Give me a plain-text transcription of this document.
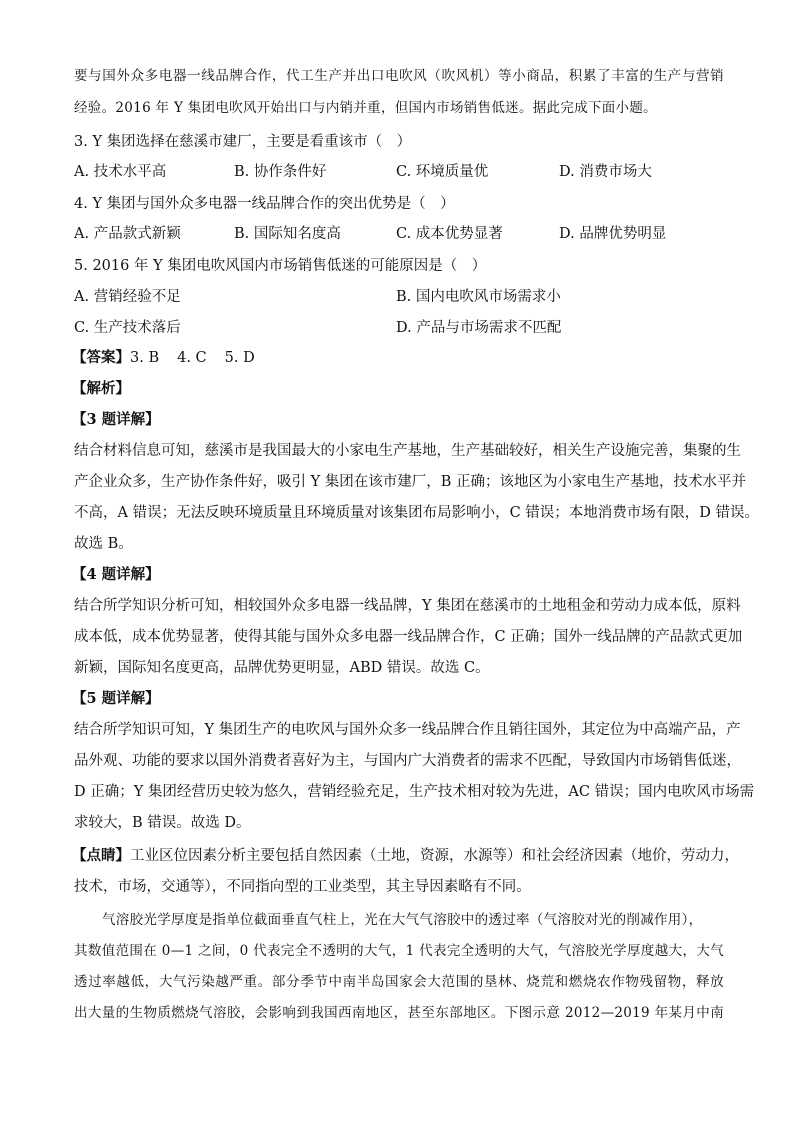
要与国外众多电器一线品牌合作，代工生产并出口电吹风（吹风机）等小商品，积累了丰富的生产与营销
经验。2016 年 Y 集团电吹风开始出口与内销并重，但国内市场销售低迷。据此完成下面小题。
3. Y 集团选择在慈溪市建厂，主要是看重该市（　）
A. 技术水平高	B. 协作条件好	C. 环境质量优	D. 消费市场大
4. Y 集团与国外众多电器一线品牌合作的突出优势是（　）
A. 产品款式新颖	B. 国际知名度高	C. 成本优势显著	D. 品牌优势明显
5. 2016 年 Y 集团电吹风国内市场销售低迷的可能原因是（　）
A. 营销经验不足	B. 国内电吹风市场需求小
C. 生产技术落后	D. 产品与市场需求不匹配
【答案】3. B 4. C 5. D
【解析】
【3 题详解】
结合材料信息可知，慈溪市是我国最大的小家电生产基地，生产基础较好，相关生产设施完善，集聚的生
产企业众多，生产协作条件好，吸引 Y 集团在该市建厂，B 正确；该地区为小家电生产基地，技术水平并
不高，A 错误；无法反映环境质量且环境质量对该集团布局影响小，C 错误；本地消费市场有限，D 错误。
故选 B。
【4 题详解】
结合所学知识分析可知，相较国外众多电器一线品牌，Y 集团在慈溪市的土地租金和劳动力成本低，原料
成本低，成本优势显著，使得其能与国外众多电器一线品牌合作，C 正确；国外一线品牌的产品款式更加
新颖，国际知名度更高，品牌优势更明显，ABD 错误。故选 C。
【5 题详解】
结合所学知识可知，Y 集团生产的电吹风与国外众多一线品牌合作且销往国外，其定位为中高端产品，产
品外观、功能的要求以国外消费者喜好为主，与国内广大消费者的需求不匹配，导致国内市场销售低迷，
D 正确；Y 集团经营历史较为悠久，营销经验充足，生产技术相对较为先进，AC 错误；国内电吹风市场需
求较大，B 错误。故选 D。
【点睛】工业区位因素分析主要包括自然因素（土地，资源，水源等）和社会经济因素（地价，劳动力，
技术，市场，交通等），不同指向型的工业类型，其主导因素略有不同。
气溶胶光学厚度是指单位截面垂直气柱上，光在大气气溶胶中的透过率（气溶胶对光的削减作用），
其数值范围在 0—1 之间，0 代表完全不透明的大气，1 代表完全透明的大气，气溶胶光学厚度越大，大气
透过率越低，大气污染越严重。部分季节中南半岛国家会大范围的垦林、烧荒和燃烧农作物残留物，释放
出大量的生物质燃烧气溶胶，会影响到我国西南地区，甚至东部地区。下图示意 2012—2019 年某月中南
